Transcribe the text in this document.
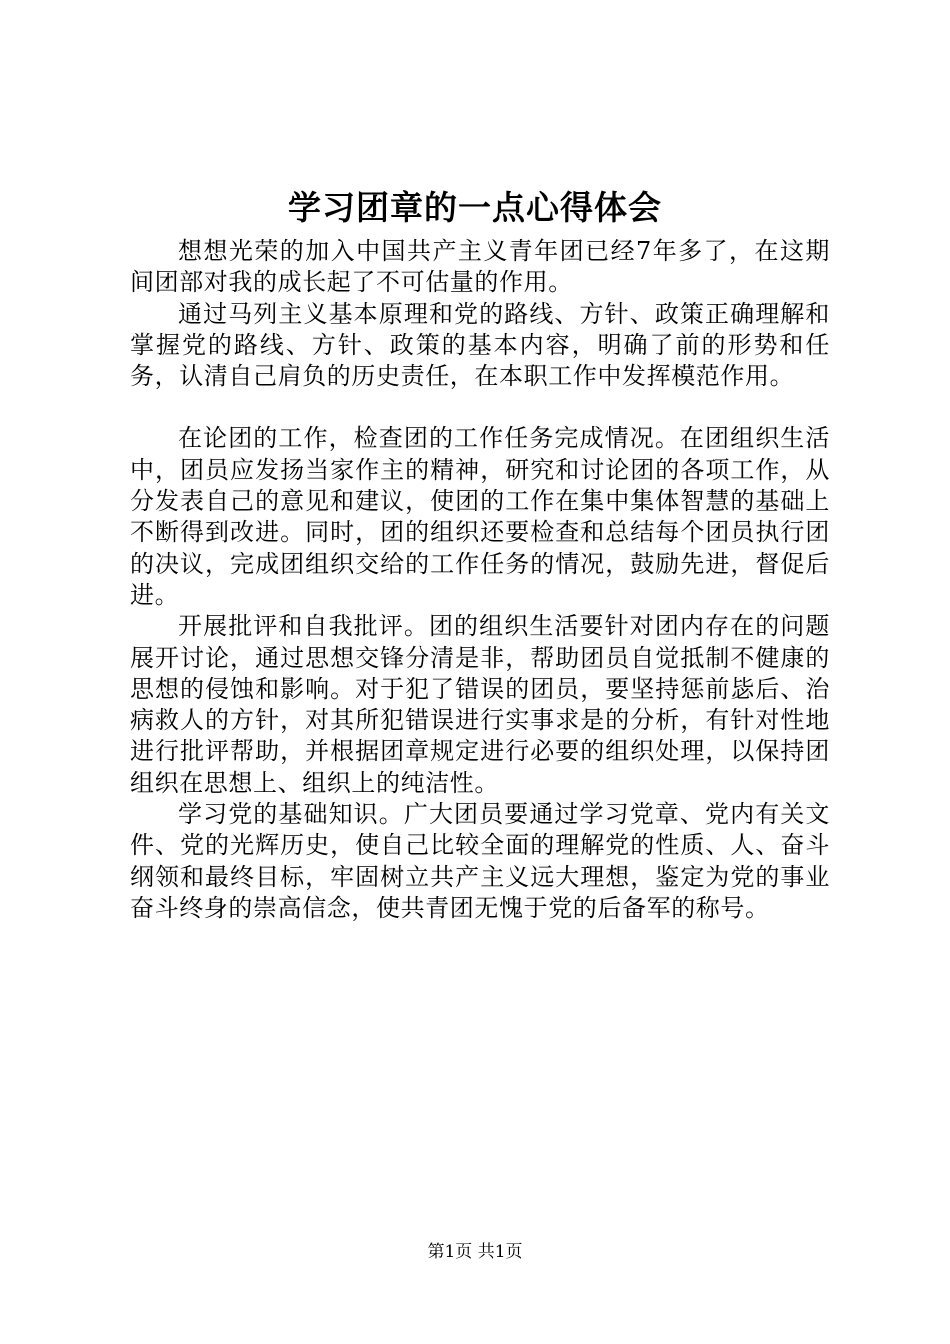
学习团章的一点心得体会

想想光荣的加入中国共产主义青年团已经7年多了，在这期间团部对我的成长起了不可估量的作用。

通过马列主义基本原理和党的路线、方针、政策正确理解和掌握党的路线、方针、政策的基本内容，明确了前的形势和任务，认清自己肩负的历史责任，在本职工作中发挥模范作用。

在论团的工作，检查团的工作任务完成情况。在团组织生活中，团员应发扬当家作主的精神，研究和讨论团的各项工作，从分发表自己的意见和建议，使团的工作在集中集体智慧的基础上不断得到改进。同时，团的组织还要检查和总结每个团员执行团的决议，完成团组织交给的工作任务的情况，鼓励先进，督促后进。

开展批评和自我批评。团的组织生活要针对团内存在的问题展开讨论，通过思想交锋分清是非，帮助团员自觉抵制不健康的思想的侵蚀和影响。对于犯了错误的团员，要坚持惩前毖后、治病救人的方针，对其所犯错误进行实事求是的分析，有针对性地进行批评帮助，并根据团章规定进行必要的组织处理，以保持团组织在思想上、组织上的纯洁性。

学习党的基础知识。广大团员要通过学习党章、党内有关文件、党的光辉历史，使自己比较全面的理解党的性质、人、奋斗纲领和最终目标，牢固树立共产主义远大理想，鉴定为党的事业奋斗终身的崇高信念，使共青团无愧于党的后备军的称号。

第1页 共1页
